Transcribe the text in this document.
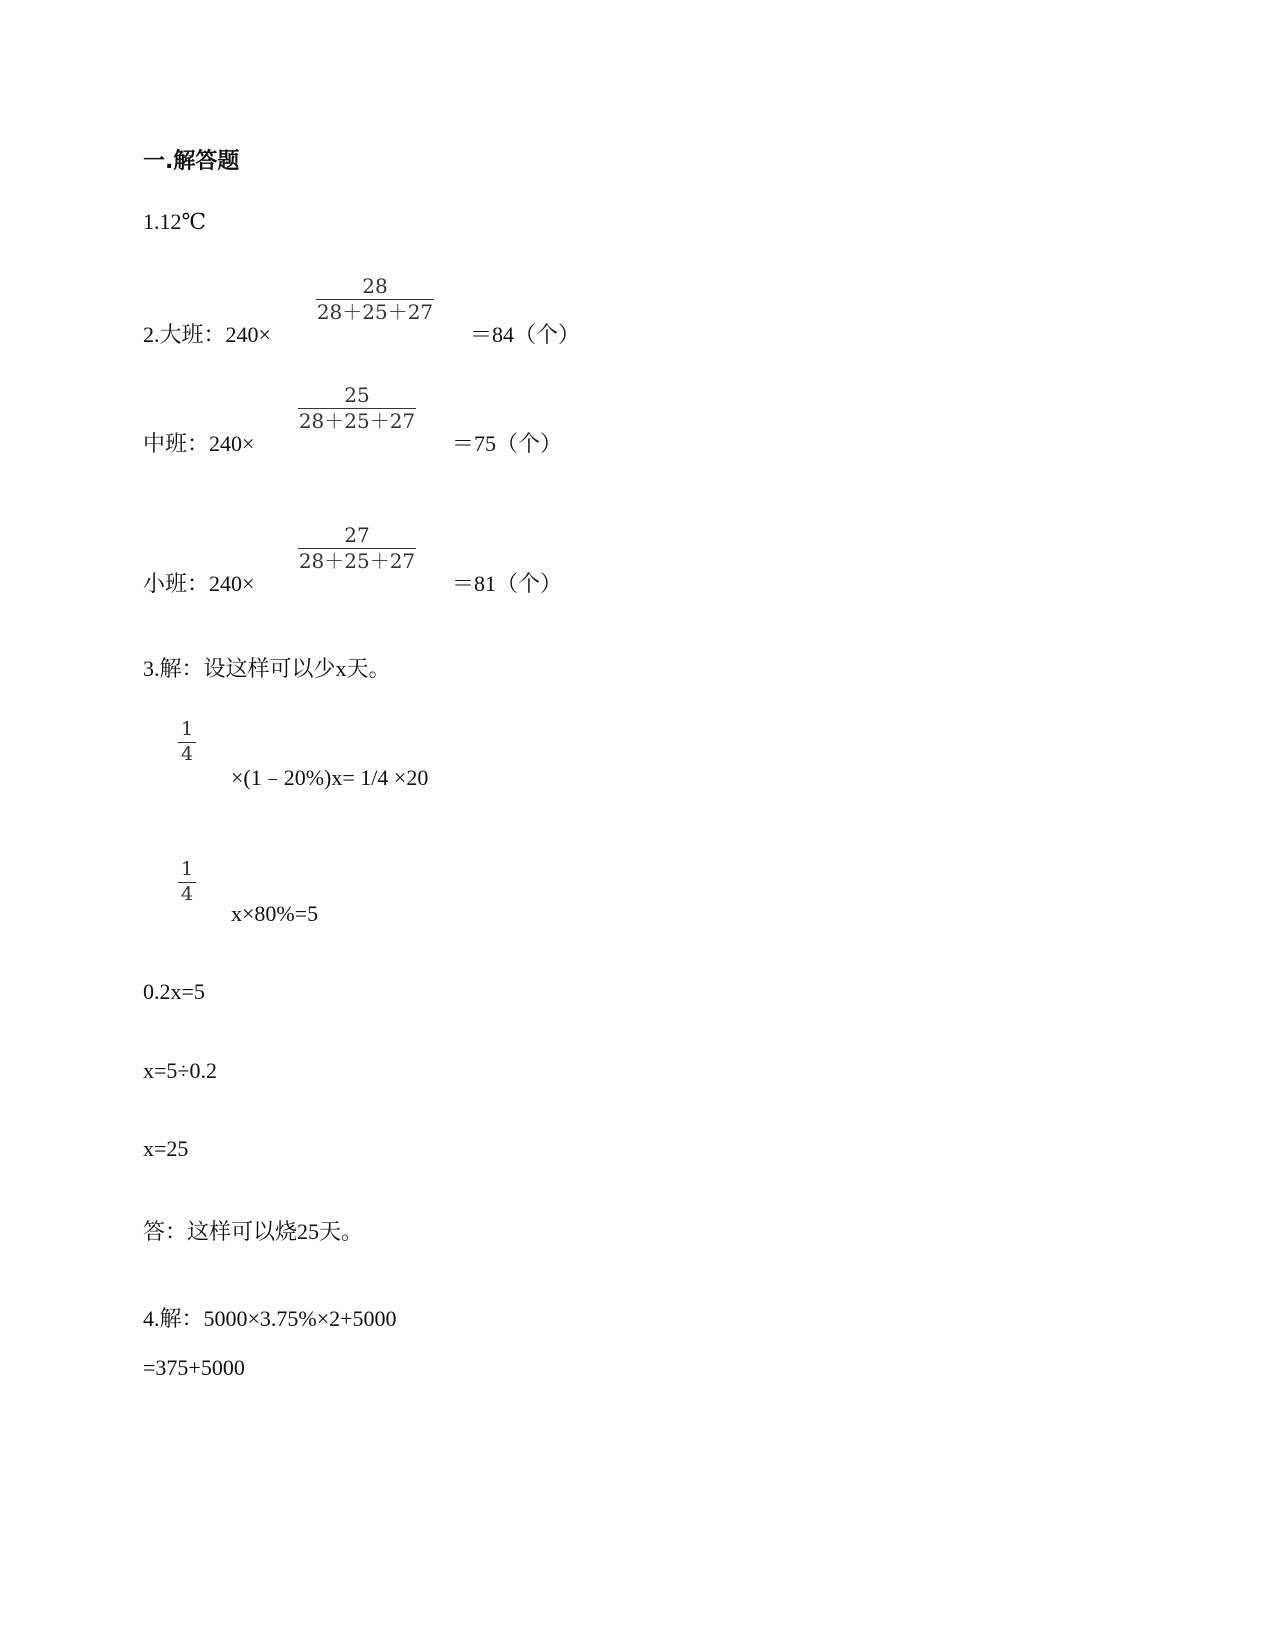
一.解答题
1.12℃
2.大班：240×
28
28＋25＋27
＝84（个）
中班：240×
25
28＋25＋27
＝75（个）
小班：240×
27
28＋25＋27
＝81（个）
3.解：设这样可以少x天。
1
4
×(1﹣20%)x= 1/4 ×20
1
4
x×80%=5
0.2x=5
x=5÷0.2
x=25
答：这样可以烧25天。
4.解：5000×3.75%×2+5000
=375+5000
